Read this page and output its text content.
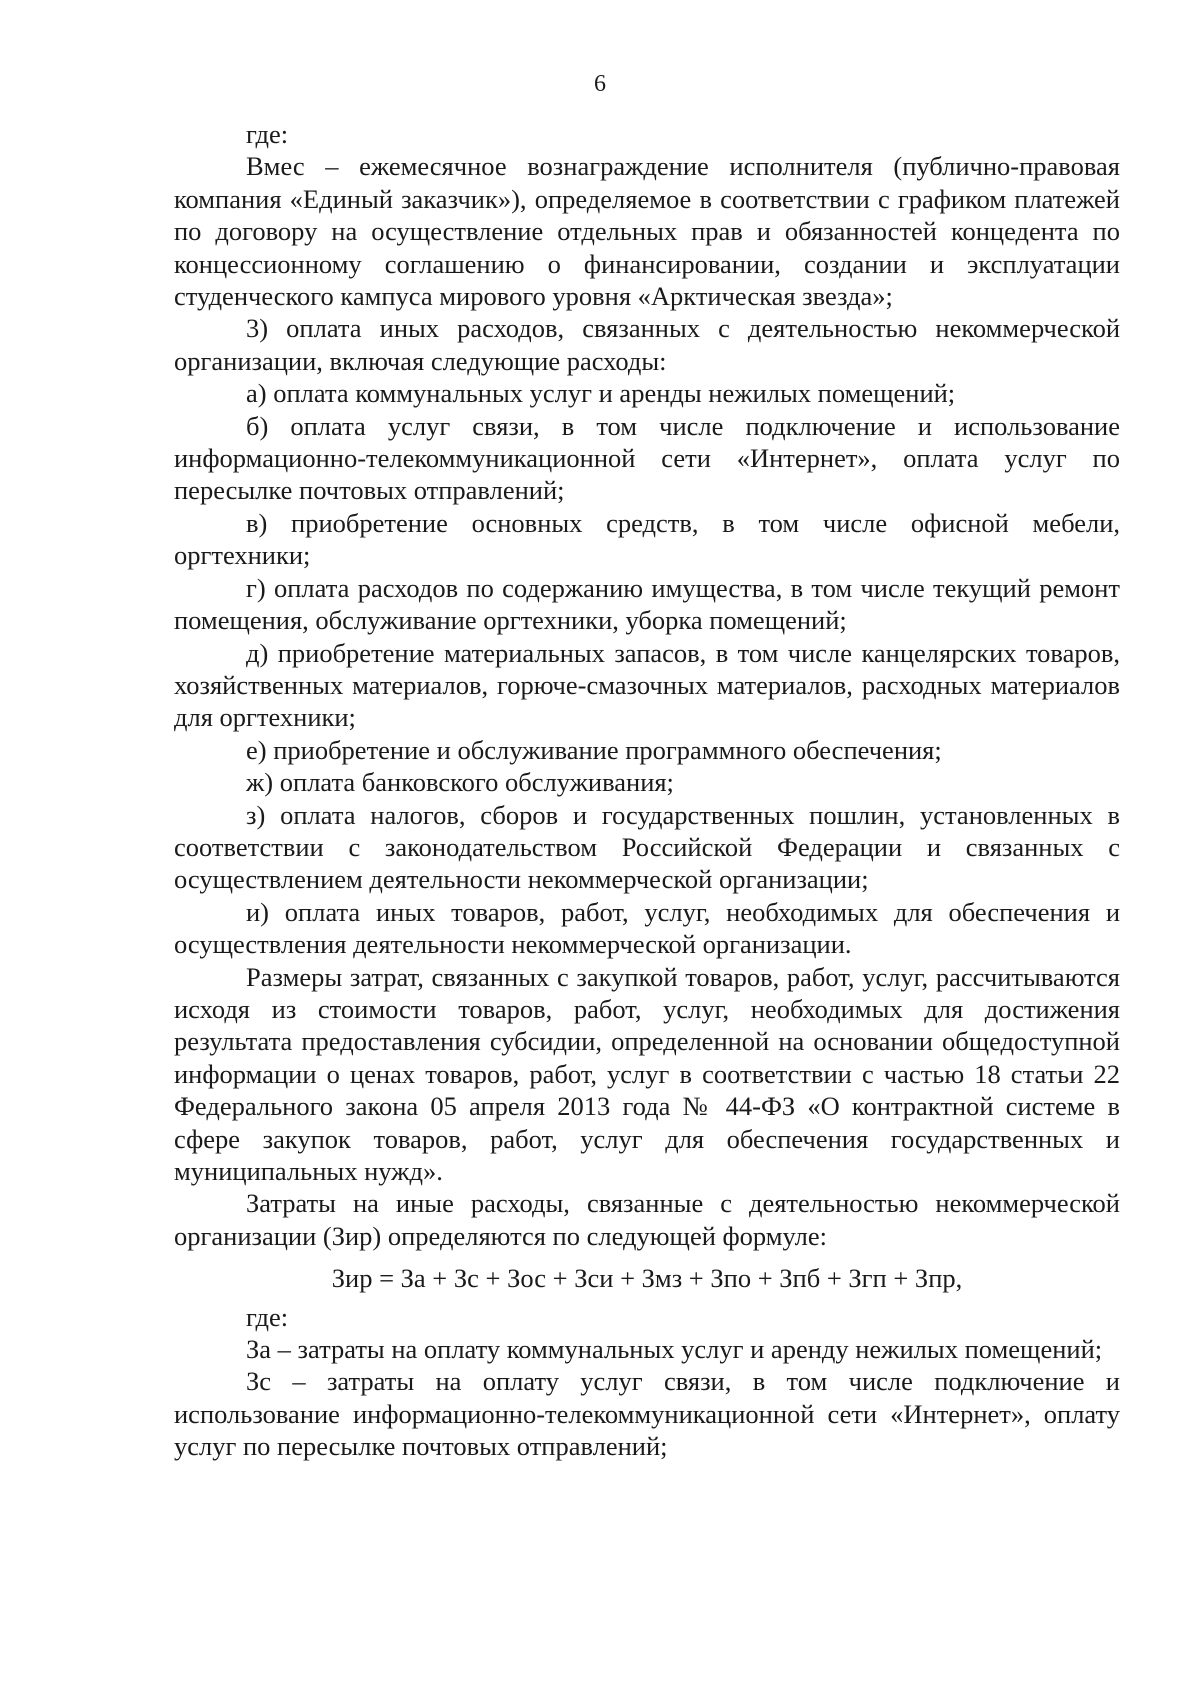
6

где:

Вмес – ежемесячное вознаграждение исполнителя (публично-правовая компания «Единый заказчик»), определяемое в соответствии с графиком платежей по договору на осуществление отдельных прав и обязанностей концедента по концессионному соглашению о финансировании, создании и эксплуатации студенческого кампуса мирового уровня «Арктическая звезда»;

3) оплата иных расходов, связанных с деятельностью некоммерческой организации, включая следующие расходы:

а) оплата коммунальных услуг и аренды нежилых помещений;

б) оплата услуг связи, в том числе подключение и использование информационно-телекоммуникационной сети «Интернет», оплата услуг по пересылке почтовых отправлений;

в) приобретение основных средств, в том числе офисной мебели, оргтехники;

г) оплата расходов по содержанию имущества, в том числе текущий ремонт помещения, обслуживание оргтехники, уборка помещений;

д) приобретение материальных запасов, в том числе канцелярских товаров, хозяйственных материалов, горюче-смазочных материалов, расходных материалов для оргтехники;

е) приобретение и обслуживание программного обеспечения;

ж) оплата банковского обслуживания;

з) оплата налогов, сборов и государственных пошлин, установленных в соответствии с законодательством Российской Федерации и связанных с осуществлением деятельности некоммерческой организации;

и) оплата иных товаров, работ, услуг, необходимых для обеспечения и осуществления деятельности некоммерческой организации.

Размеры затрат, связанных с закупкой товаров, работ, услуг, рассчитываются исходя из стоимости товаров, работ, услуг, необходимых для достижения результата предоставления субсидии, определенной на основании общедоступной информации о ценах товаров, работ, услуг в соответствии с частью 18 статьи 22 Федерального закона 05 апреля 2013 года № 44-ФЗ «О контрактной системе в сфере закупок товаров, работ, услуг для обеспечения государственных и муниципальных нужд».

Затраты на иные расходы, связанные с деятельностью некоммерческой организации (Зир) определяются по следующей формуле:

Зир = За + Зс + Зос + Зси + Змз + Зпо + Зпб + Згп + Зпр,

где:

За – затраты на оплату коммунальных услуг и аренду нежилых помещений;

Зс – затраты на оплату услуг связи, в том числе подключение и использование информационно-телекоммуникационной сети «Интернет», оплату услуг по пересылке почтовых отправлений;
